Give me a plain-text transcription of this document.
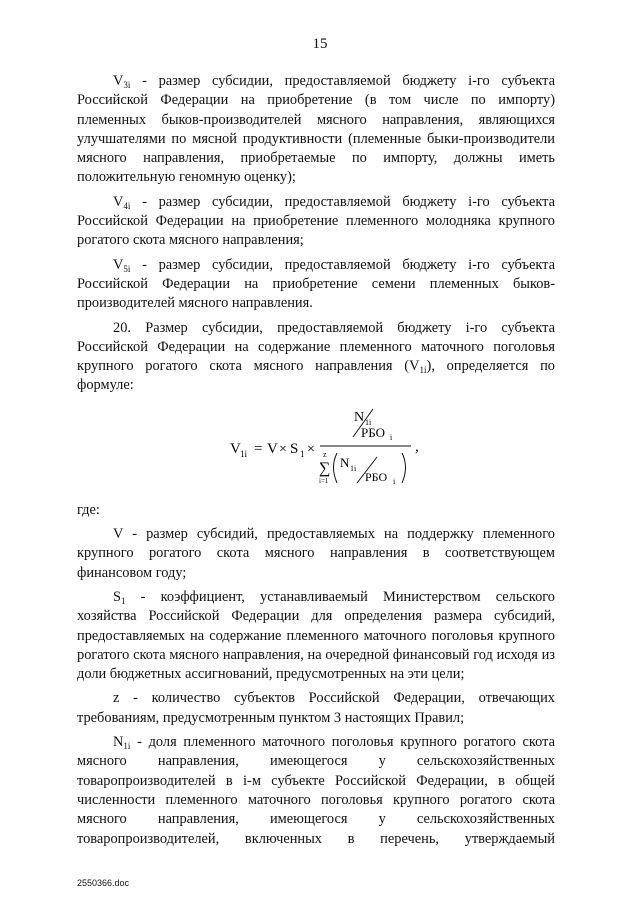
15

$V_{3i}$ - размер субсидии, предоставляемой бюджету i-го субъекта Российской Федерации на приобретение (в том числе по импорту) племенных быков-производителей мясного направления, являющихся улучшателями по мясной продуктивности (племенные быки-производители мясного направления, приобретаемые по импорту, должны иметь положительную геномную оценку);

$V_{4i}$ - размер субсидии, предоставляемой бюджету i-го субъекта Российской Федерации на приобретение племенного молодняка крупного рогатого скота мясного направления;

$V_{5i}$ - размер субсидии, предоставляемой бюджету i-го субъекта Российской Федерации на приобретение семени племенных быков-производителей мясного направления.

20. Размер субсидии, предоставляемой бюджету i-го субъекта Российской Федерации на содержание племенного маточного поголовья крупного рогатого скота мясного направления $(V_{1i})$, определяется по формуле:

V 1i = V × S 1 ×
N 1i
РБО i
z
∑
i=1
N 1i
РБО i
,

где:

V - размер субсидий, предоставляемых на поддержку племенного крупного рогатого скота мясного направления в соответствующем финансовом году;

$S_1$ - коэффициент, устанавливаемый Министерством сельского хозяйства Российской Федерации для определения размера субсидий, предоставляемых на содержание племенного маточного поголовья крупного рогатого скота мясного направления, на очередной финансовый год исходя из доли бюджетных ассигнований, предусмотренных на эти цели;

z - количество субъектов Российской Федерации, отвечающих требованиям, предусмотренным пунктом 3 настоящих Правил;

$N_{1i}$ - доля племенного маточного поголовья крупного рогатого скота мясного направления, имеющегося у сельскохозяйственных товаропроизводителей в i-м субъекте Российской Федерации, в общей численности племенного маточного поголовья крупного рогатого скота мясного направления, имеющегося у сельскохозяйственных товаропроизводителей, включенных в перечень, утверждаемый

2550366.doc
